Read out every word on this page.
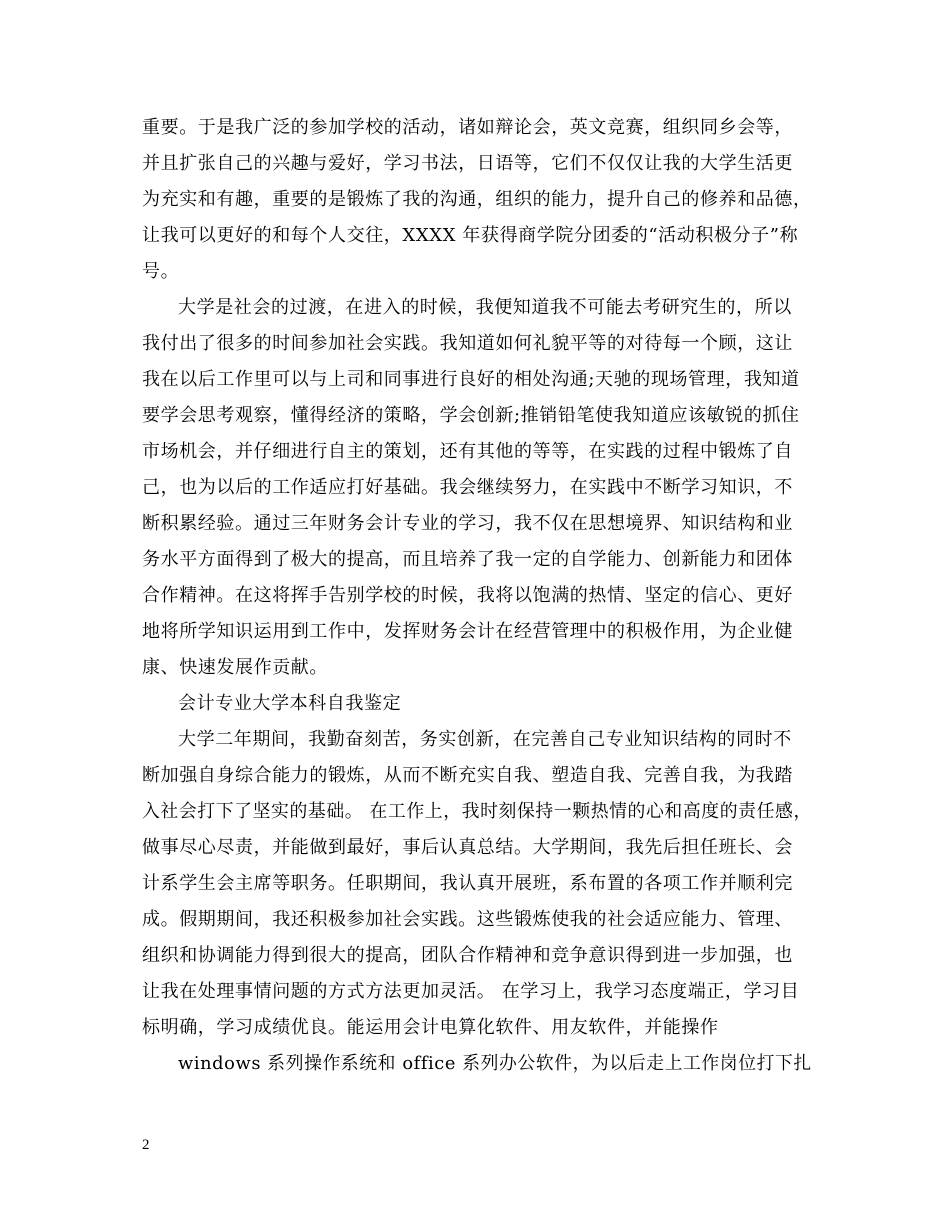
重要。于是我广泛的参加学校的活动，诸如辩论会，英文竞赛，组织同乡会等，
并且扩张自己的兴趣与爱好，学习书法，日语等，它们不仅仅让我的大学生活更
为充实和有趣，重要的是锻炼了我的沟通，组织的能力，提升自己的修养和品德，
让我可以更好的和每个人交往，XXXX 年获得商学院分团委的“活动积极分子”称
号。
大学是社会的过渡，在进入的时候，我便知道我不可能去考研究生的，所以
我付出了很多的时间参加社会实践。我知道如何礼貌平等的对待每一个顾，这让
我在以后工作里可以与上司和同事进行良好的相处沟通;天驰的现场管理，我知道
要学会思考观察，懂得经济的策略，学会创新;推销铅笔使我知道应该敏锐的抓住
市场机会，并仔细进行自主的策划，还有其他的等等，在实践的过程中锻炼了自
己，也为以后的工作适应打好基础。我会继续努力，在实践中不断学习知识，不
断积累经验。通过三年财务会计专业的学习，我不仅在思想境界、知识结构和业
务水平方面得到了极大的提高，而且培养了我一定的自学能力、创新能力和团体
合作精神。在这将挥手告别学校的时候，我将以饱满的热情、坚定的信心、更好
地将所学知识运用到工作中，发挥财务会计在经营管理中的积极作用，为企业健
康、快速发展作贡献。
会计专业大学本科自我鉴定
大学二年期间，我勤奋刻苦，务实创新，在完善自己专业知识结构的同时不
断加强自身综合能力的锻炼，从而不断充实自我、塑造自我、完善自我，为我踏
入社会打下了坚实的基础。 在工作上，我时刻保持一颗热情的心和高度的责任感，
做事尽心尽责，并能做到最好，事后认真总结。大学期间，我先后担任班长、会
计系学生会主席等职务。任职期间，我认真开展班，系布置的各项工作并顺利完
成。假期期间，我还积极参加社会实践。这些锻炼使我的社会适应能力、管理、
组织和协调能力得到很大的提高，团队合作精神和竞争意识得到进一步加强，也
让我在处理事情问题的方式方法更加灵活。 在学习上，我学习态度端正，学习目
标明确，学习成绩优良。能运用会计电算化软件、用友软件，并能操作
windows 系列操作系统和 office 系列办公软件，为以后走上工作岗位打下扎
2
